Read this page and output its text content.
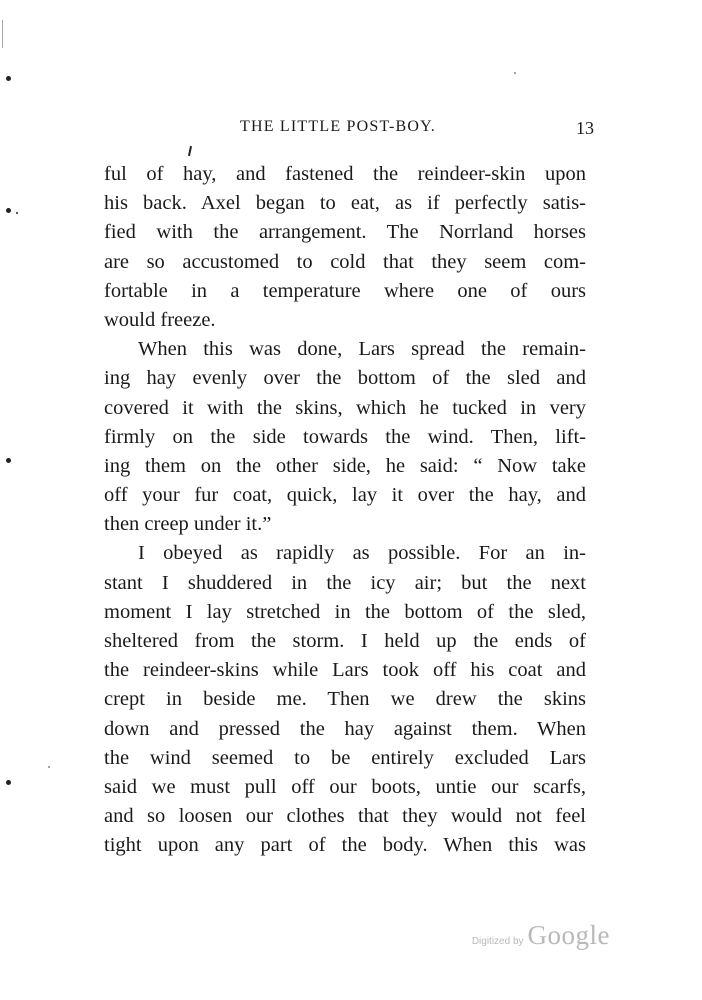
THE LITTLE POST-BOY.	13
ful of hay, and fastened the reindeer-skin upon
his back. Axel began to eat, as if perfectly satis-
fied with the arrangement. The Norrland horses
are so accustomed to cold that they seem com-
fortable in a temperature where one of ours
would freeze.
When this was done, Lars spread the remain-
ing hay evenly over the bottom of the sled and
covered it with the skins, which he tucked in very
firmly on the side towards the wind. Then, lift-
ing them on the other side, he said: “ Now take
off your fur coat, quick, lay it over the hay, and
then creep under it.”
I obeyed as rapidly as possible. For an in-
stant I shuddered in the icy air; but the next
moment I lay stretched in the bottom of the sled,
sheltered from the storm. I held up the ends of
the reindeer-skins while Lars took off his coat and
crept in beside me. Then we drew the skins
down and pressed the hay against them. When
the wind seemed to be entirely excluded Lars
said we must pull off our boots, untie our scarfs,
and so loosen our clothes that they would not feel
tight upon any part of the body. When this was
Digitized by Google
